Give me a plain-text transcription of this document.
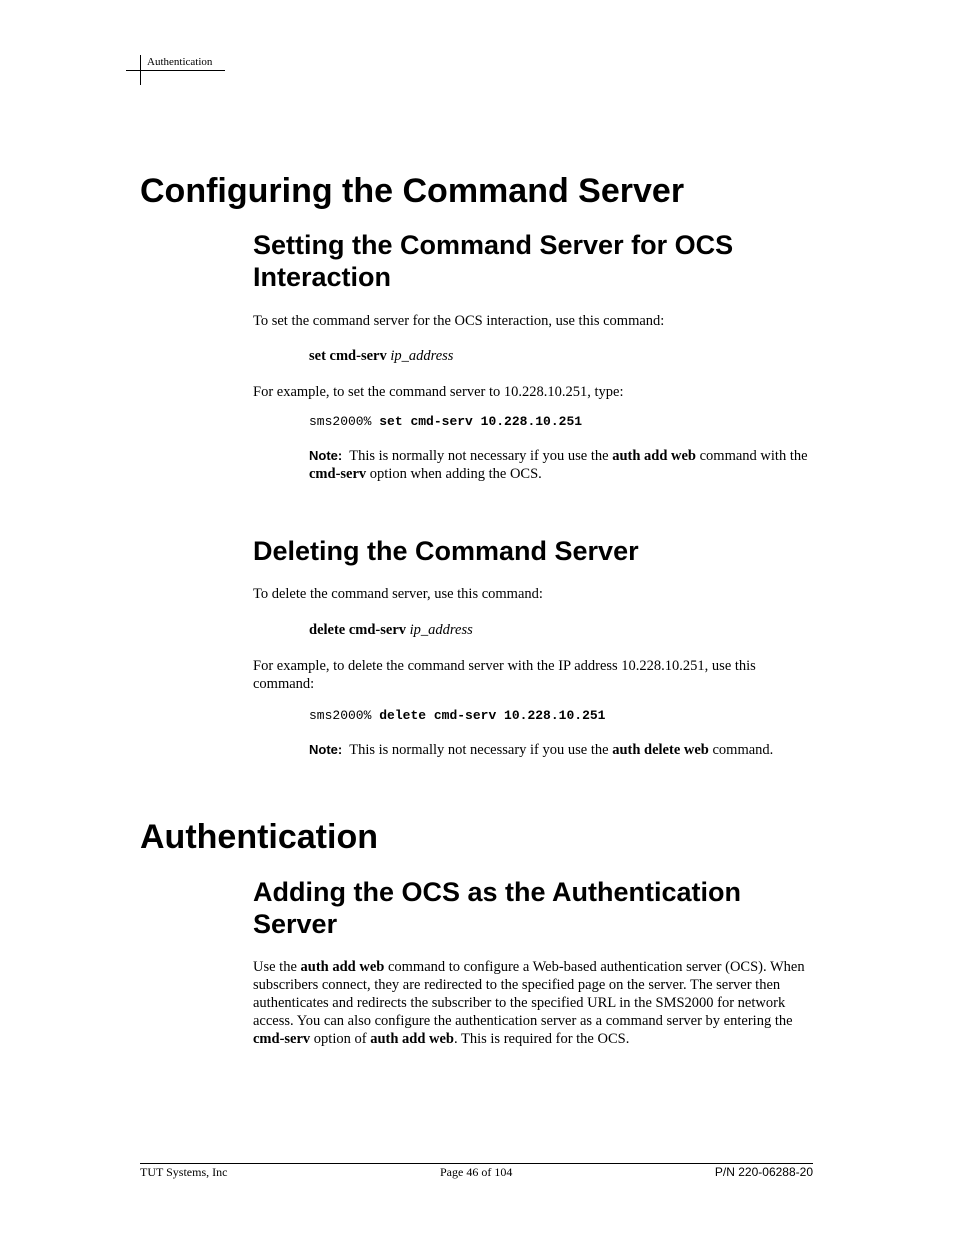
Authentication
Configuring the Command Server
Setting the Command Server for OCS
Interaction

To set the command server for the OCS interaction, use this command:

set cmd-serv ip_address

For example, to set the command server to 10.228.10.251, type:

sms2000% set cmd-serv 10.228.10.251

Note: This is normally not necessary if you use the auth add web command with the cmd-serv option when adding the OCS.

Deleting the Command Server

To delete the command server, use this command:

delete cmd-serv ip_address

For example, to delete the command server with the IP address 10.228.10.251, use this command:

sms2000% delete cmd-serv 10.228.10.251

Note: This is normally not necessary if you use the auth delete web command.

Authentication
Adding the OCS as the Authentication
Server

Use the auth add web command to configure a Web-based authentication server (OCS). When subscribers connect, they are redirected to the specified page on the server. The server then authenticates and redirects the subscriber to the specified URL in the SMS2000 for network access. You can also configure the authentication server as a command server by entering the cmd-serv option of auth add web. This is required for the OCS.

TUT Systems, Inc	Page 46 of 104	P/N 220-06288-20
